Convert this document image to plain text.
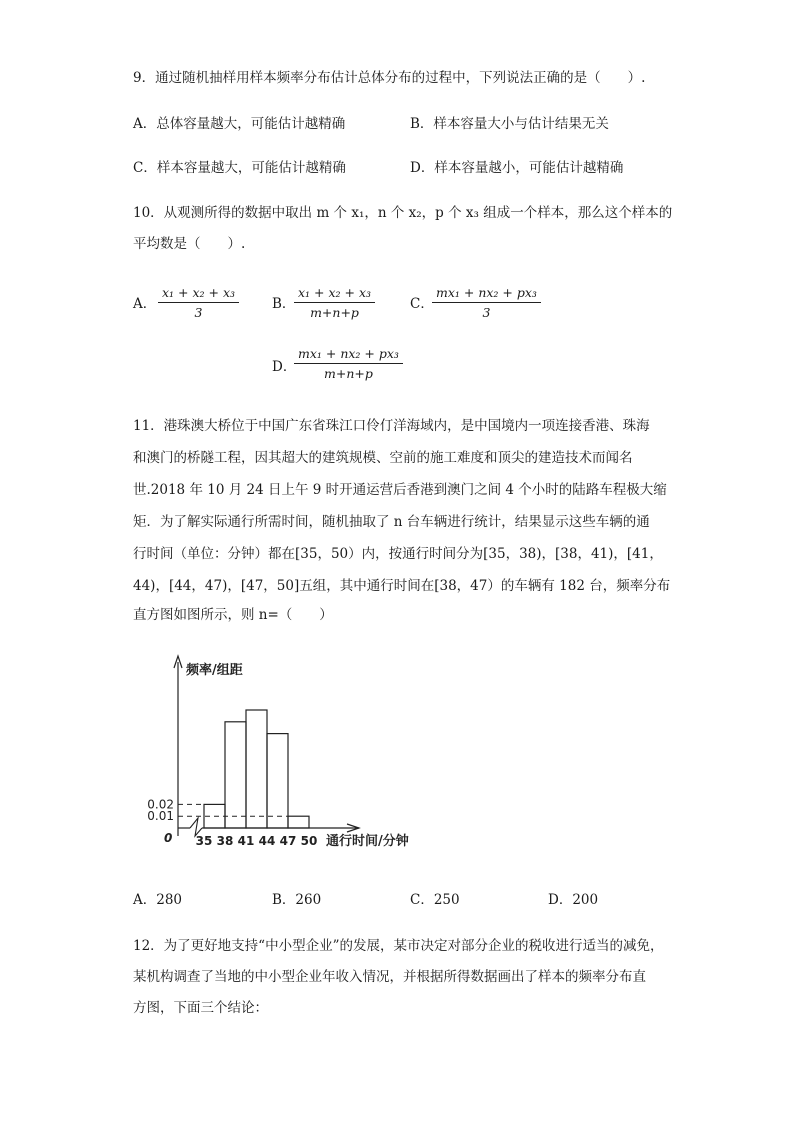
9．通过随机抽样用样本频率分布估计总体分布的过程中，下列说法正确的是（　　）.
A．总体容量越大，可能估计越精确	B．样本容量大小与估计结果无关
C．样本容量越大，可能估计越精确	D．样本容量越小，可能估计越精确
10．从观测所得的数据中取出 m 个 x₁，n 个 x₂，p 个 x₃ 组成一个样本，那么这个样本的
平均数是（　　）.
A． $\frac{\text{x₁ + x₂ + x₃}}{3}$ B．
$\frac{\text{x₁ + x₂ + x₃}}{m+n+p}$	C．
$\frac{\text{mx₁ + nx₂ + px₃}}{3}$
D．
$\frac{\text{mx₁ + nx₂ + px₃}}{m+n+p}$
11．港珠澳大桥位于中国广东省珠江口伶仃洋海域内，是中国境内一项连接香港、珠海
和澳门的桥隧工程，因其超大的建筑规模、空前的施工难度和顶尖的建造技术而闻名
世.2018 年 10 月 24 日上午 9 时开通运营后香港到澳门之间 4 个小时的陆路车程极大缩
矩．为了解实际通行所需时间，随机抽取了 n 台车辆进行统计，结果显示这些车辆的通
行时间（单位：分钟）都在[35，50）内，按通行时间分为[35，38)，[38，41)，[41，
44)，[44，47)，[47，50]五组，其中通行时间在[38，47）的车辆有 182 台，频率分布
直方图如图所示，则 n=（　　）
0.02
0.01
35 38 41 44 47 50
0
频率/组距
通行时间/分钟
A．280	B．260	C．250	D．200
12．为了更好地支持“中小型企业”的发展，某市决定对部分企业的税收进行适当的减免，
某机构调查了当地的中小型企业年收入情况，并根据所得数据画出了样本的频率分布直
方图，下面三个结论：
